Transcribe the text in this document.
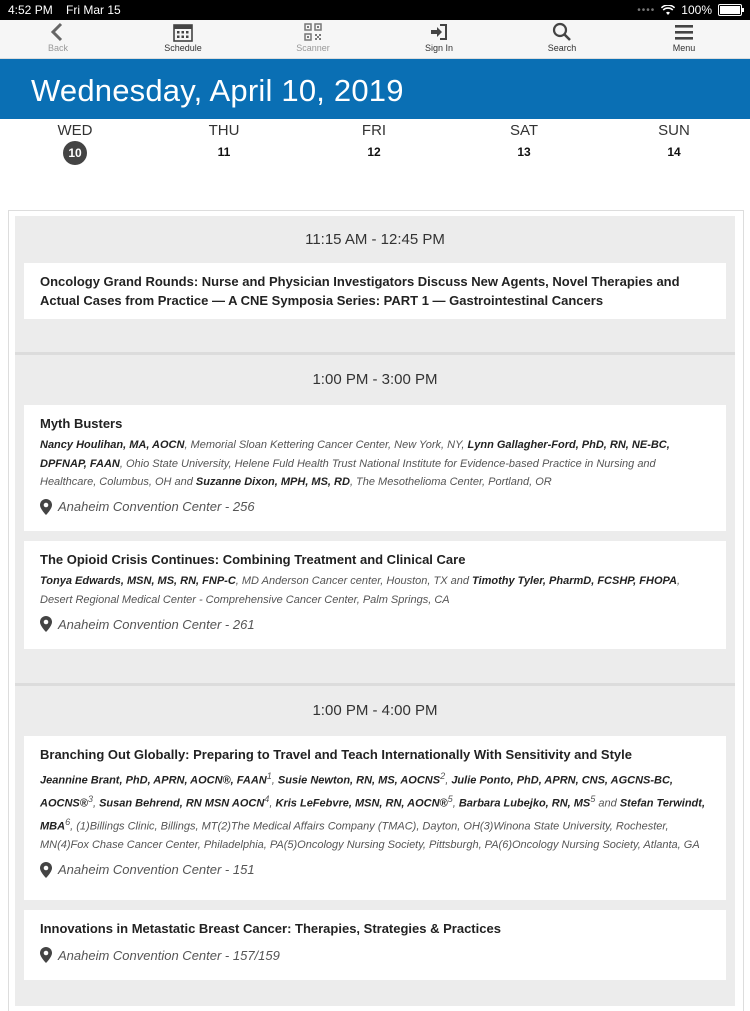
4:52 PM Fri Mar 15	•••• 100%
Back	Schedule	Scanner	Sign In	Search	Menu
Wednesday, April 10, 2019
WED
10
THU
11
FRI
12
SAT
13
SUN
14
11:15 AM - 12:45 PM
Oncology Grand Rounds: Nurse and Physician Investigators Discuss New Agents, Novel Therapies and Actual Cases from Practice — A CNE Symposia Series: PART 1 — Gastrointestinal Cancers
1:00 PM - 3:00 PM
Myth Busters
Nancy Houlihan, MA, AOCN, Memorial Sloan Kettering Cancer Center, New York, NY, Lynn Gallagher-Ford, PhD, RN, NE-BC, DPFNAP, FAAN, Ohio State University, Helene Fuld Health Trust National Institute for Evidence-based Practice in Nursing and Healthcare, Columbus, OH and Suzanne Dixon, MPH, MS, RD, The Mesothelioma Center, Portland, OR
Anaheim Convention Center - 256
The Opioid Crisis Continues: Combining Treatment and Clinical Care
Tonya Edwards, MSN, MS, RN, FNP-C, MD Anderson Cancer center, Houston, TX and Timothy Tyler, PharmD, FCSHP, FHOPA, Desert Regional Medical Center - Comprehensive Cancer Center, Palm Springs, CA
Anaheim Convention Center - 261
1:00 PM - 4:00 PM
Branching Out Globally: Preparing to Travel and Teach Internationally With Sensitivity and Style
Jeannine Brant, PhD, APRN, AOCN®, FAAN$^1$, Susie Newton, RN, MS, AOCNS$^2$, Julie Ponto, PhD, APRN, CNS, AGCNS-BC, AOCNS®$^3$, Susan Behrend, RN MSN AOCN$^4$, Kris LeFebvre, MSN, RN, AOCN®$^5$, Barbara Lubejko, RN, $MS^5$ and Stefan Terwindt, MBA$^6$, (1)Billings Clinic, Billings, MT(2)The Medical Affairs Company (TMAC), Dayton, OH(3)Winona State University, Rochester, MN(4)Fox Chase Cancer Center, Philadelphia, PA(5)Oncology Nursing Society, Pittsburgh, PA(6)Oncology Nursing Society, Atlanta, GA
Anaheim Convention Center - 151
Innovations in Metastatic Breast Cancer: Therapies, Strategies & Practices
Anaheim Convention Center - 157/159
